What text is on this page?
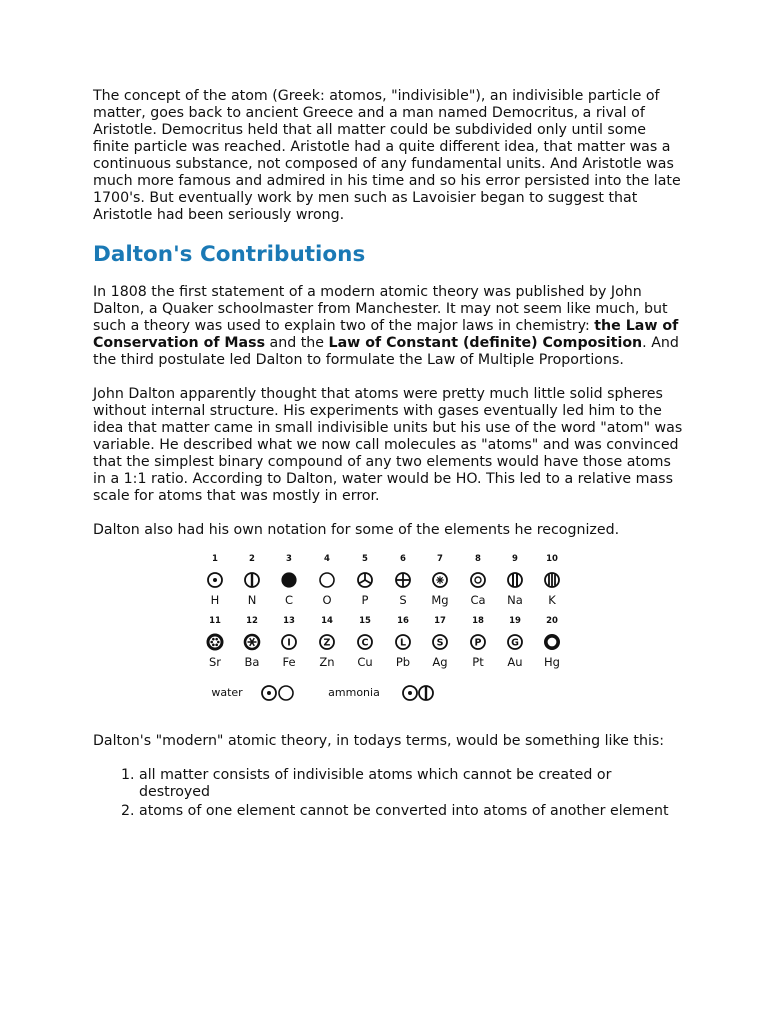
The concept of the atom (Greek: atomos, "indivisible"), an indivisible particle of matter, goes back to ancient Greece and a man named Democritus, a rival of Aristotle. Democritus held that all matter could be subdivided only until some finite particle was reached. Aristotle had a quite different idea, that matter was a continuous substance, not composed of any fundamental units. And Aristotle was much more famous and admired in his time and so his error persisted into the late 1700's. But eventually work by men such as Lavoisier began to suggest that Aristotle had been seriously wrong.

Dalton's Contributions

In 1808 the first statement of a modern atomic theory was published by John Dalton, a Quaker schoolmaster from Manchester. It may not seem like much, but such a theory was used to explain two of the major laws in chemistry: the Law of Conservation of Mass and the Law of Constant (definite) Composition. And the third postulate led Dalton to formulate the Law of Multiple Proportions.

John Dalton apparently thought that atoms were pretty much little solid spheres without internal structure. His experiments with gases eventually led him to the idea that matter came in small indivisible units but his use of the word "atom" was variable. He described what we now call molecules as "atoms" and was convinced that the simplest binary compound of any two elements would have those atoms in a 1:1 ratio. According to Dalton, water would be HO. This led to a relative mass scale for atoms that was mostly in error.

Dalton also had his own notation for some of the elements he recognized.

1
H
2
N
3
C
4
O
5
P
6
S
7
Mg
8
Ca
9
Na
10
K
11
Sr
12
Ba
13
I
Fe
14
Z
Zn
15
C
Cu
16
L
Pb
17
S
Ag
18
P
Pt
19
G
Au
20
Hg
water	ammonia

Dalton's "modern" atomic theory, in todays terms, would be something like this:

1. all matter consists of indivisible atoms which cannot be created or destroyed
2. atoms of one element cannot be converted into atoms of another element
